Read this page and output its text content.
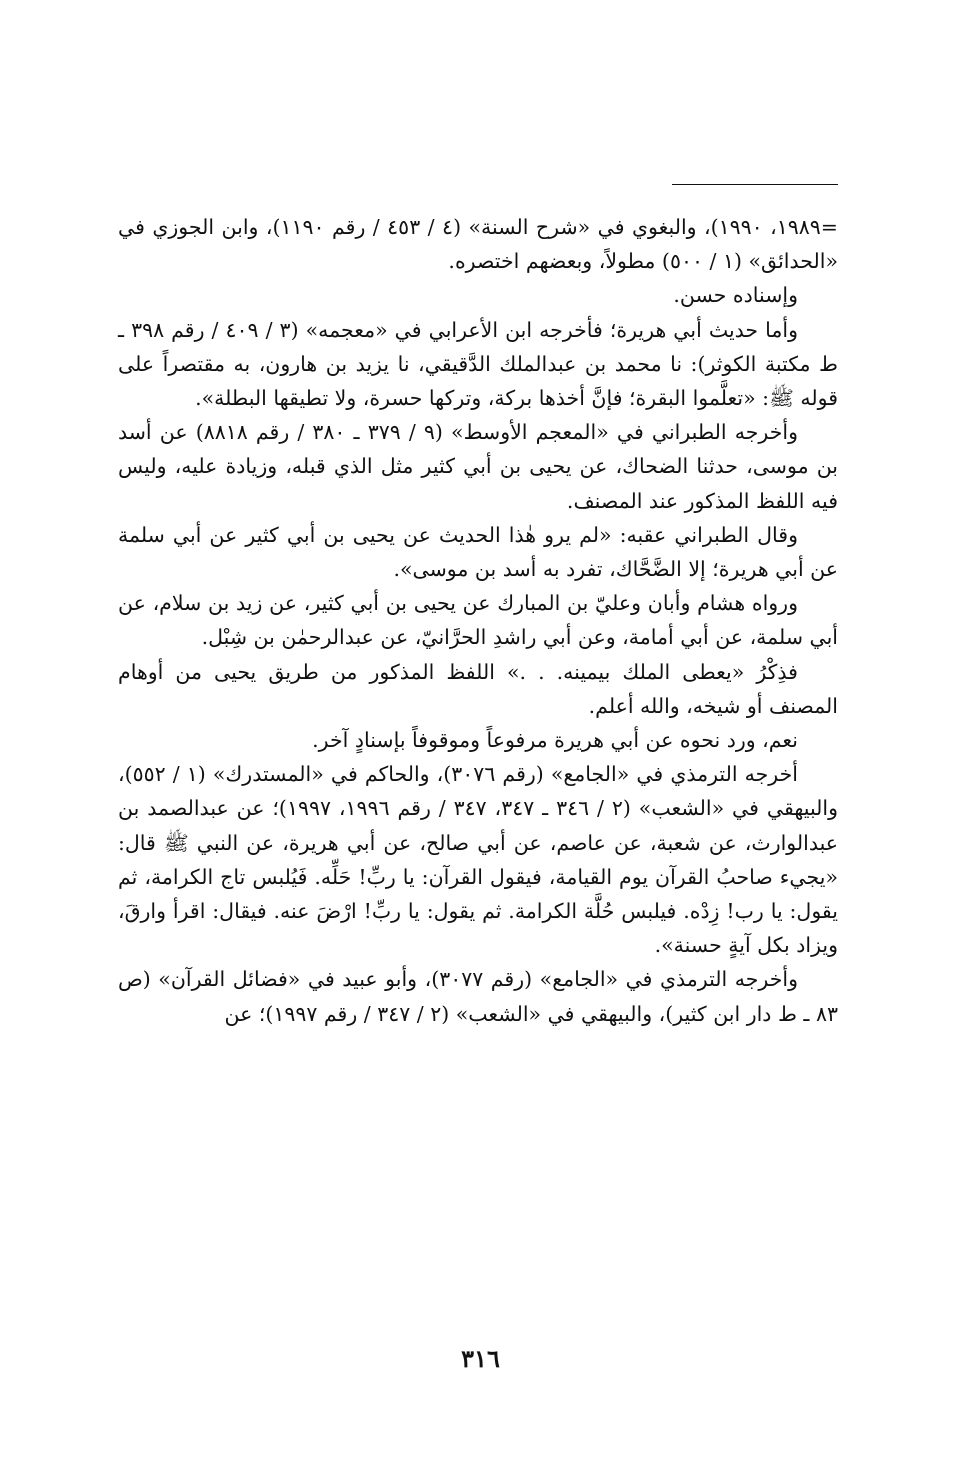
=١٩٨٩، ١٩٩٠)، والبغوي في «شرح السنة» (٤ / ٤٥٣ / رقم ١١٩٠)، وابن الجوزي في «الحدائق» (١ / ٥٠٠) مطولاً، وبعضهم اختصره.

وإسناده حسن.

وأما حديث أبي هريرة؛ فأخرجه ابن الأعرابي في «معجمه» (٣ / ٤٠٩ / رقم ٣٩٨ ـ ط مكتبة الكوثر): نا محمد بن عبدالملك الدَّقيقي، نا يزيد بن هارون، به مقتصراً على قوله ﷺ: «تعلَّموا البقرة؛ فإنَّ أخذها بركة، وتركها حسرة، ولا تطيقها البطلة».

وأخرجه الطبراني في «المعجم الأوسط» (٩ / ٣٧٩ ـ ٣٨٠ / رقم ٨٨١٨) عن أسد بن موسى، حدثنا الضحاك، عن يحيى بن أبي كثير مثل الذي قبله، وزيادة عليه، وليس فيه اللفظ المذكور عند المصنف.

وقال الطبراني عقبه: «لم يرو هٰذا الحديث عن يحيى بن أبي كثير عن أبي سلمة عن أبي هريرة؛ إلا الضَّحَّاك، تفرد به أسد بن موسى».

ورواه هشام وأبان وعليّ بن المبارك عن يحيى بن أبي كثير، عن زيد بن سلام، عن أبي سلمة، عن أبي أمامة، وعن أبي راشدِ الحرَّانيّ، عن عبدالرحمٰن بن شِبْل.

فذِكْرُ «يعطى الملك بيمينه. . .» اللفظ المذكور من طريق يحيى من أوهام المصنف أو شيخه، والله أعلم.

نعم، ورد نحوه عن أبي هريرة مرفوعاً وموقوفاً بإسنادٍ آخر.

أخرجه الترمذي في «الجامع» (رقم ٣٠٧٦)، والحاكم في «المستدرك» (١ / ٥٥٢)، والبيهقي في «الشعب» (٢ / ٣٤٦ ـ ٣٤٧، ٣٤٧ / رقم ١٩٩٦، ١٩٩٧)؛ عن عبدالصمد بن عبدالوارث، عن شعبة، عن عاصم، عن أبي صالح، عن أبي هريرة، عن النبي ﷺ قال: «يجيء صاحبُ القرآن يوم القيامة، فيقول القرآن: يا ربِّ! حَلِّه. فَيُلبس تاج الكرامة، ثم يقول: يا رب! زِدْه. فيلبس حُلَّة الكرامة. ثم يقول: يا ربِّ! ارْضَ عنه. فيقال: اقرأ وارقَ، ويزاد بكل آيةٍ حسنة».

وأخرجه الترمذي في «الجامع» (رقم ٣٠٧٧)، وأبو عبيد في «فضائل القرآن» (ص ٨٣ ـ ط دار ابن كثير)، والبيهقي في «الشعب» (٢ / ٣٤٧ / رقم ١٩٩٧)؛ عن

٣١٦
